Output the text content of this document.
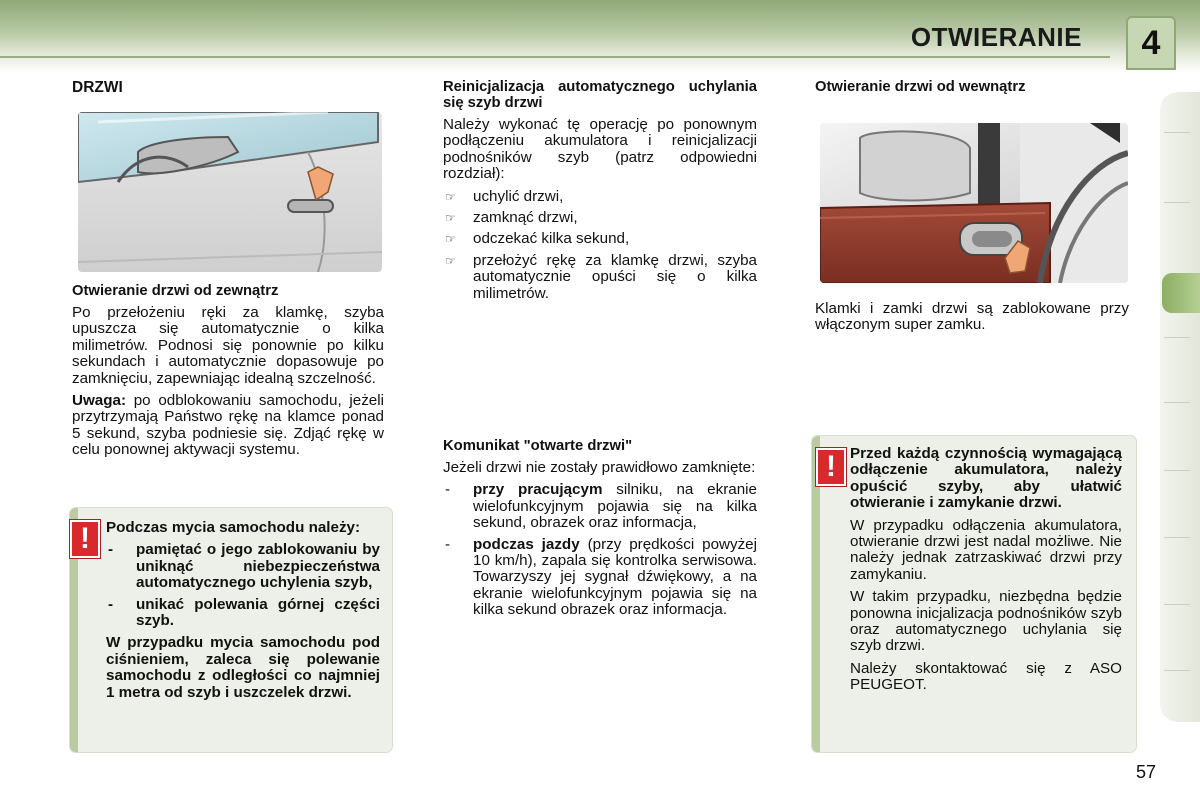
OTWIERANIE	4
DRZWI

Otwieranie drzwi od zewnątrz

Po przełożeniu ręki za klamkę, szyba upuszcza się automatycznie o kilka milimetrów. Podnosi się ponownie po kilku sekundach i automatycznie dopasowuje po zamknięciu, zapewniając idealną szczelność.

Uwaga: po odblokowaniu samochodu, jeżeli przytrzymają Państwo rękę na klamce ponad 5 sekund, szyba podniesie się. Zdjąć rękę w celu ponownej aktywacji systemu.

!	Podczas mycia samochodu należy:

- pamiętać o jego zablokowaniu by uniknąć niebezpieczeństwa automatycznego uchylenia szyb,
- unikać polewania górnej części szyb.

W przypadku mycia samochodu pod ciśnieniem, zaleca się polewanie samochodu z odległości co najmniej 1 metra od szyb i uszczelek drzwi.

Reinicjalizacja automatycznego uchylania się szyb drzwi

Należy wykonać tę operację po ponownym podłączeniu akumulatora i reinicjalizacji podnośników szyb (patrz odpowiedni rozdział):

☞ uchylić drzwi,
☞ zamknąć drzwi,
☞ odczekać kilka sekund,
☞ przełożyć rękę za klamkę drzwi, szyba automatycznie opuści się o kilka milimetrów.

Komunikat "otwarte drzwi"

Jeżeli drzwi nie zostały prawidłowo zamknięte:

- przy pracującym silniku, na ekranie wielofunkcyjnym pojawia się na kilka sekund, obrazek oraz informacja,
- podczas jazdy (przy prędkości powyżej 10 km/h), zapala się kontrolka serwisowa. Towarzyszy jej sygnał dźwiękowy, a na ekranie wielofunkcyjnym pojawia się na kilka sekund obrazek oraz informacja.

Otwieranie drzwi od wewnątrz

Klamki i zamki drzwi są zablokowane przy włączonym super zamku.

! Przed każdą czynnością wymagającą odłączenie akumulatora, należy opuścić szyby, aby ułatwić otwieranie i zamykanie drzwi.

W przypadku odłączenia akumulatora, otwieranie drzwi jest nadal możliwe. Nie należy jednak zatrzaskiwać drzwi przy zamykaniu.

W takim przypadku, niezbędna będzie ponowna inicjalizacja podnośników szyb oraz automatycznego uchylania się szyb drzwi.

Należy skontaktować się z ASO PEUGEOT.

57
